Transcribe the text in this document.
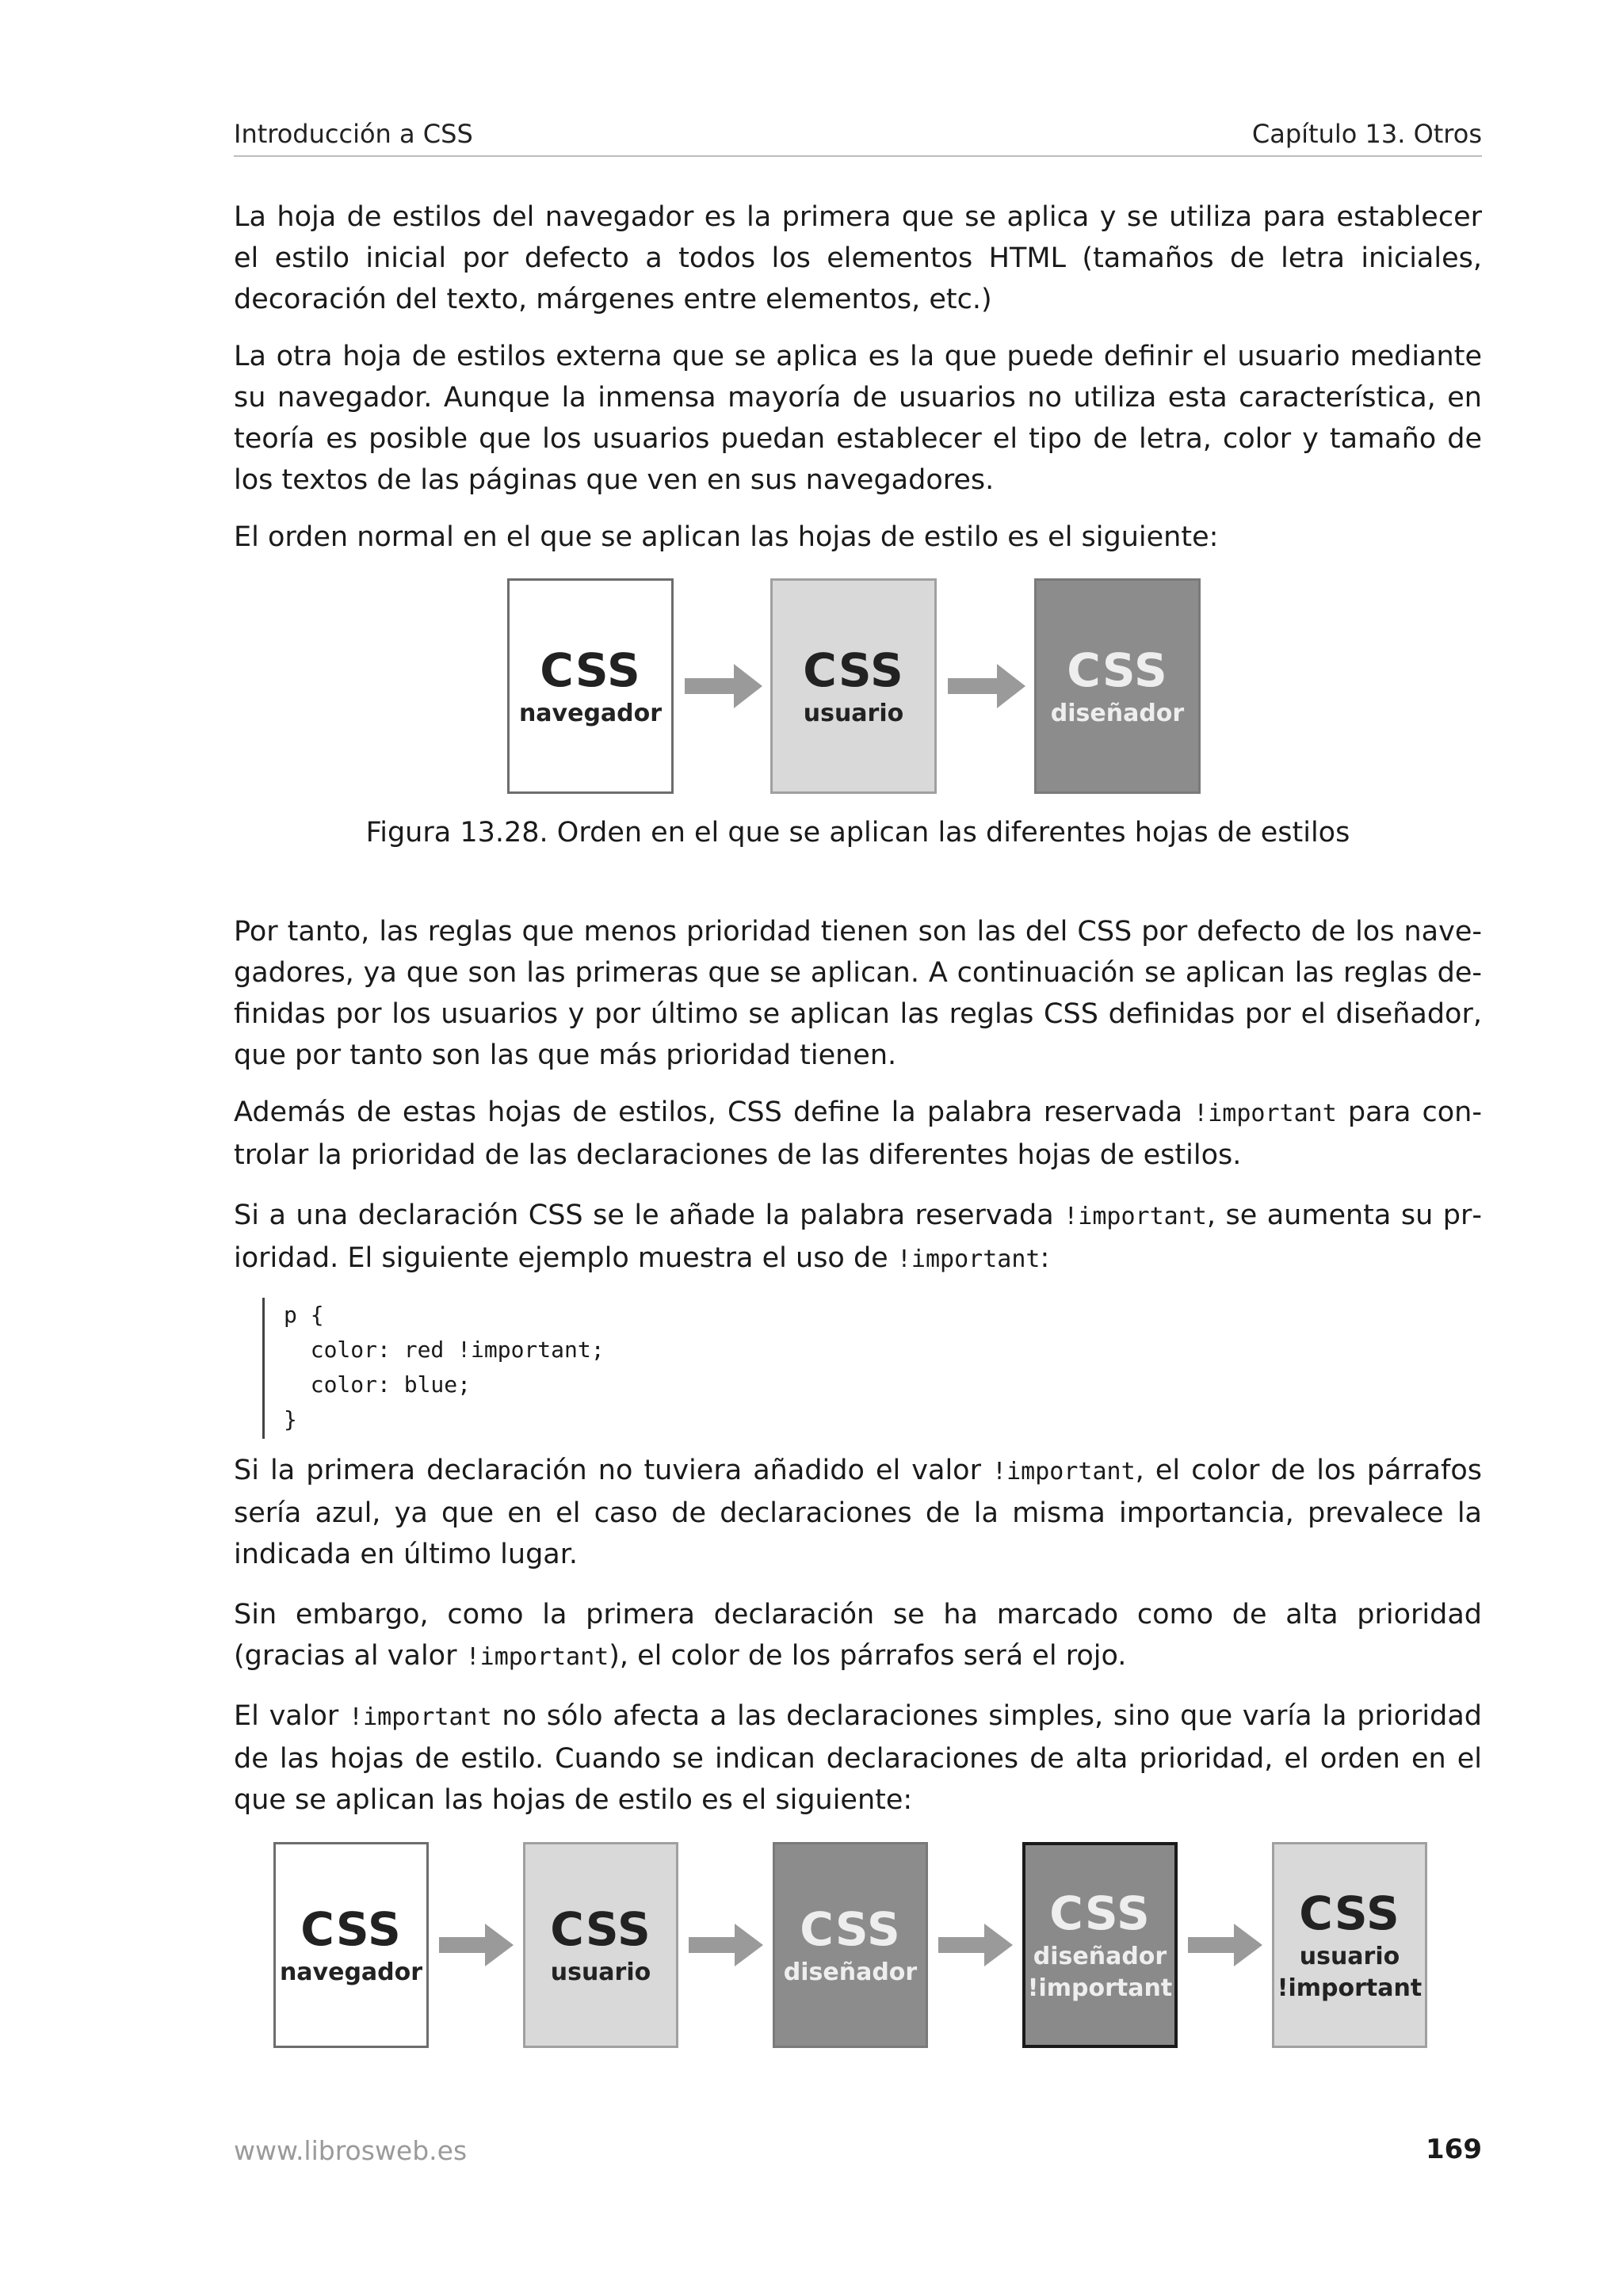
Introducción a CSS	Capítulo 13. Otros

La hoja de estilos del navegador es la primera que se aplica y se utiliza para establecer el estilo inicial por defecto a todos los elementos HTML (tamaños de letra iniciales, decoración del texto, márgenes entre elementos, etc.)

La otra hoja de estilos externa que se aplica es la que puede definir el usuario mediante su navegador. Aunque la inmensa mayoría de usuarios no utiliza esta característica, en teoría es posible que los usuarios puedan establecer el tipo de letra, color y tamaño de los textos de las páginas que ven en sus navegadores.

El orden normal en el que se aplican las hojas de estilo es el siguiente:

CSS
navegador
CSS
usuario
CSS
diseñador
Figura 13.28. Orden en el que se aplican las diferentes hojas de estilos

Por tanto, las reglas que menos prioridad tienen son las del CSS por defecto de los navegadores, ya que son las primeras que se aplican. A continuación se aplican las reglas definidas por los usuarios y por último se aplican las reglas CSS definidas por el diseñador, que por tanto son las que más prioridad tienen.

Además de estas hojas de estilos, CSS define la palabra reservada !important para controlar la prioridad de las declaraciones de las diferentes hojas de estilos.

Si a una declaración CSS se le añade la palabra reservada !important, se aumenta su prioridad. El siguiente ejemplo muestra el uso de !important:

p {
color: red !important;
color: blue;
}

Si la primera declaración no tuviera añadido el valor !important, el color de los párrafos sería azul, ya que en el caso de declaraciones de la misma importancia, prevalece la indicada en último lugar.

Sin embargo, como la primera declaración se ha marcado como de alta prioridad (gracias al valor !important), el color de los párrafos será el rojo.

El valor !important no sólo afecta a las declaraciones simples, sino que varía la prioridad de las hojas de estilo. Cuando se indican declaraciones de alta prioridad, el orden en el que se aplican las hojas de estilo es el siguiente:

CSS
navegador
CSS
usuario
CSS
diseñador
CSS
diseñador
!important
CSS
usuario
!important
www.librosweb.es	169
